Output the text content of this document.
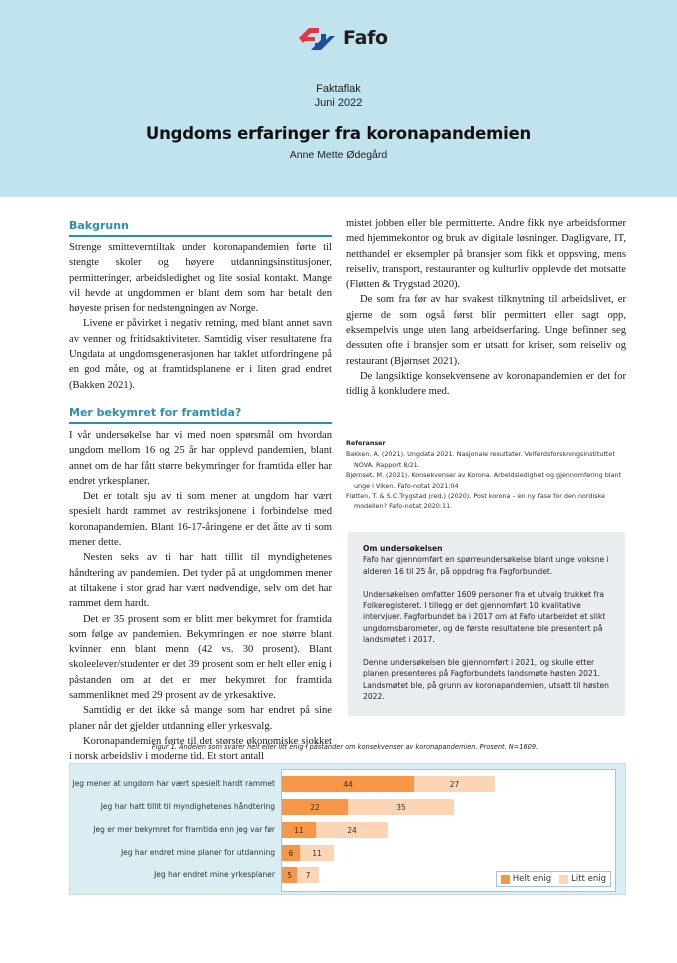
Fafo
Faktaflak
Juni 2022
Ungdoms erfaringer fra koronapandemien
Anne Mette Ødegård
Bakgrunn

Strenge smitteverntiltak under koronapandemien førte til stengte skoler og høyere utdanningsinstitusjoner, permitteringer, arbeidsledighet og lite sosial kontakt. Mange vil hevde at ungdommen er blant dem som har betalt den høyeste prisen for nedstengningen av Norge.

Livene er påvirket i negativ retning, med blant annet savn av venner og fritidsaktiviteter. Samtidig viser resultatene fra Ungdata at ungdomsgenerasjonen har taklet utfordringene på en god måte, og at framtidsplanene er i liten grad endret (Bakken 2021).

Mer bekymret for framtida?

I vår undersøkelse har vi med noen spørsmål om hvordan ungdom mellom 16 og 25 år har opplevd pandemien, blant annet om de har fått større bekymringer for framtida eller har endret yrkesplaner.

Det er totalt sju av ti som mener at ungdom har vært spesielt hardt rammet av restriksjonene i forbindelse med koronapandemien. Blant 16-17-åringene er det åtte av ti som mener dette.

Nesten seks av ti har hatt tillit til myndighetenes håndtering av pandemien. Det tyder på at ungdommen mener at tiltakene i stor grad har vært nødvendige, selv om det har rammet dem hardt.

Det er 35 prosent som er blitt mer bekymret for framtida som følge av pandemien. Bekymringen er noe større blant kvinner enn blant menn (42 vs. 30 prosent). Blant skoleelever/studenter er det 39 prosent som er helt eller enig i påstanden om at det er mer bekymret for framtida sammenliknet med 29 prosent av de yrkesaktive.

Samtidig er det ikke så mange som har endret på sine planer når det gjelder utdanning eller yrkesvalg.

Koronapandemien førte til det største økonomiske sjokket i norsk arbeidsliv i moderne tid. Et stort antall

mistet jobben eller ble permitterte. Andre fikk nye arbeidsformer med hjemmekontor og bruk av digitale løsninger. Dagligvare, IT, netthandel er eksempler på bransjer som fikk et oppsving, mens reiseliv, transport, restauranter og kulturliv opplevde det motsatte (Fløtten & Trygstad 2020).

De som fra før av har svakest tilknytning til arbeidslivet, er gjerne de som også først blir permittert eller sagt opp, eksempelvis unge uten lang arbeidserfaring. Unge befinner seg dessuten ofte i bransjer som er utsatt for kriser, som reiseliv og restaurant (Bjørnset 2021).

De langsiktige konsekvensene av koronapandemien er det for tidlig å konkludere med.

Referanser
Bakken, A. (2021). Ungdata 2021. Nasjonale resultater. Velferdsforskningsinstituttet NOVA. Rapport 8/21.
Bjørnset, M. (2021). Konsekvenser av Korona. Arbeidsledighet og gjennomføring blant unge i Viken. Fafo-notat 2021:04
Fløtten, T. & S.C.Trygstad (red.) (2020). Post korona – en ny fase for den nordiske modellen? Fafo-notat 2020:11.
Om undersøkelsen

Fafo har gjennomført en spørreundersøkelse blant unge voksne i alderen 16 til 25 år, på oppdrag fra Fagforbundet.

Undersøkelsen omfatter 1609 personer fra et utvalg trukket fra Folkeregisteret. I tillegg er det gjennomført 10 kvalitative intervjuer. Fagforbundet ba i 2017 om at Fafo utarbeidet et slikt ungdomsbarometer, og de første resultatene ble presentert på landsmøtet i 2017.

Denne undersøkelsen ble gjennomført i 2021, og skulle etter planen presenteres på Fagforbundets landsmøte høsten 2021. Landsmøtet ble, på grunn av koronapandemien, utsatt til høsten 2022.

Figur 1. Andelen som svarer helt eller litt enig i påstander om konsekvenser av koronapandemien. Prosent. N=1609.
Jeg mener at ungdom har vært spesielt hardt rammet
Jeg har hatt tillit til myndighetenes håndtering
Jeg er mer bekymret for framtida enn jeg var før
Jeg har endret mine planer for utdanning
Jeg har endret mine yrkesplaner
44	27
22	35
11	24
6	11
5	7	Helt enig Litt enig
